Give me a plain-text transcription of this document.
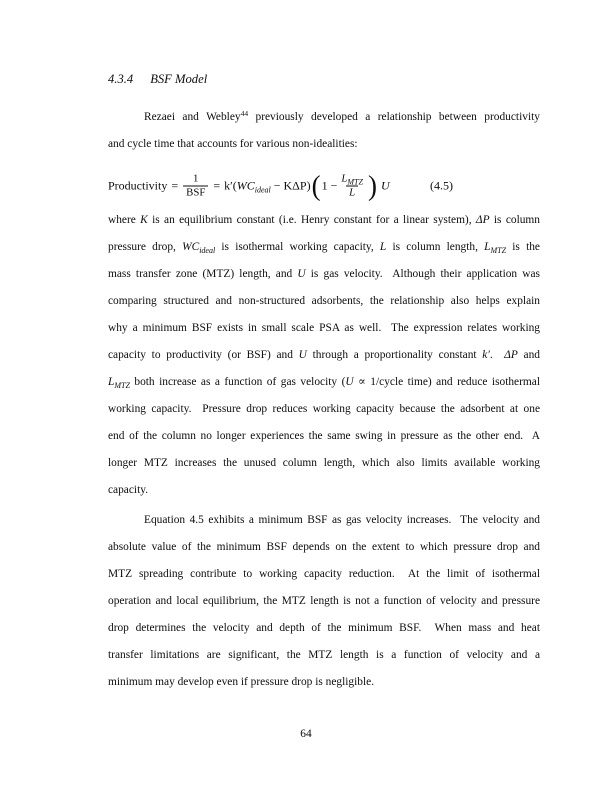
4.3.4 BSF Model
Rezaei and Webley$^{44}$ previously developed a relationship between productivity
and cycle time that accounts for various non-idealities:
Productivity = $\frac{1}{\text{BSF}} = k'(WC_{ideal} - K\Delta P)$ ( $1 - \frac{L_{MTZ}}{L}$ ) U	(4.5)
where K is an equilibrium constant (i.e. Henry constant for a linear system), ΔP is column
pressure drop, $WC_{ideal}$ is isothermal working capacity, L is column length, $L_{MTZ}$ is the
mass transfer zone (MTZ) length, and U is gas velocity.  Although their application was
comparing structured and non-structured adsorbents, the relationship also helps explain
why a minimum BSF exists in small scale PSA as well.  The expression relates working
capacity to productivity (or BSF) and U through a proportionality constant k′.  ΔP and
$L_{MTZ}$ both increase as a function of gas velocity (U ∝ 1/cycle time) and reduce isothermal
working capacity.  Pressure drop reduces working capacity because the adsorbent at one
end of the column no longer experiences the same swing in pressure as the other end.  A
longer MTZ increases the unused column length, which also limits available working
capacity.
Equation 4.5 exhibits a minimum BSF as gas velocity increases.  The velocity and
absolute value of the minimum BSF depends on the extent to which pressure drop and
MTZ spreading contribute to working capacity reduction.  At the limit of isothermal
operation and local equilibrium, the MTZ length is not a function of velocity and pressure
drop determines the velocity and depth of the minimum BSF.  When mass and heat
transfer limitations are significant, the MTZ length is a function of velocity and a
minimum may develop even if pressure drop is negligible.
64
